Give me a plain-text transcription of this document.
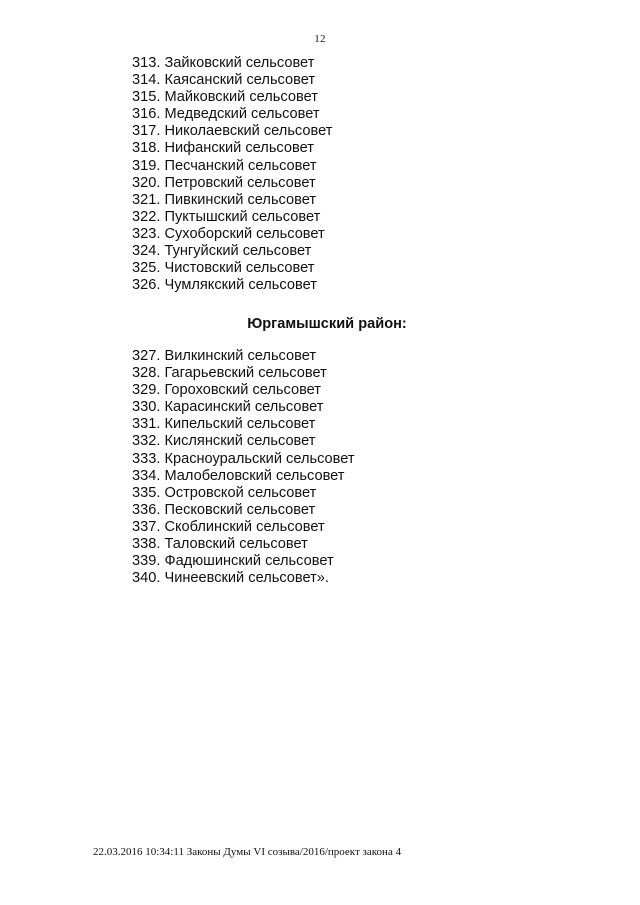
12
313. Зайковский сельсовет
314. Каясанский сельсовет
315. Майковский сельсовет
316. Медведский сельсовет
317. Николаевский сельсовет
318. Нифанский сельсовет
319. Песчанский сельсовет
320. Петровский сельсовет
321. Пивкинский сельсовет
322. Пуктышский сельсовет
323. Сухоборский сельсовет
324. Тунгуйский сельсовет
325. Чистовский сельсовет
326. Чумлякский сельсовет
Юргамышский район:
327. Вилкинский сельсовет
328. Гагарьевский сельсовет
329. Гороховский сельсовет
330. Карасинский сельсовет
331. Кипельский сельсовет
332. Кислянский сельсовет
333. Красноуральский сельсовет
334. Малобеловский сельсовет
335. Островской сельсовет
336. Песковский сельсовет
337. Скоблинский сельсовет
338. Таловский сельсовет
339. Фадюшинский сельсовет
340. Чинеевский сельсовет».
22.03.2016 10:34:11 Законы Думы VI созыва/2016/проект закона 4
